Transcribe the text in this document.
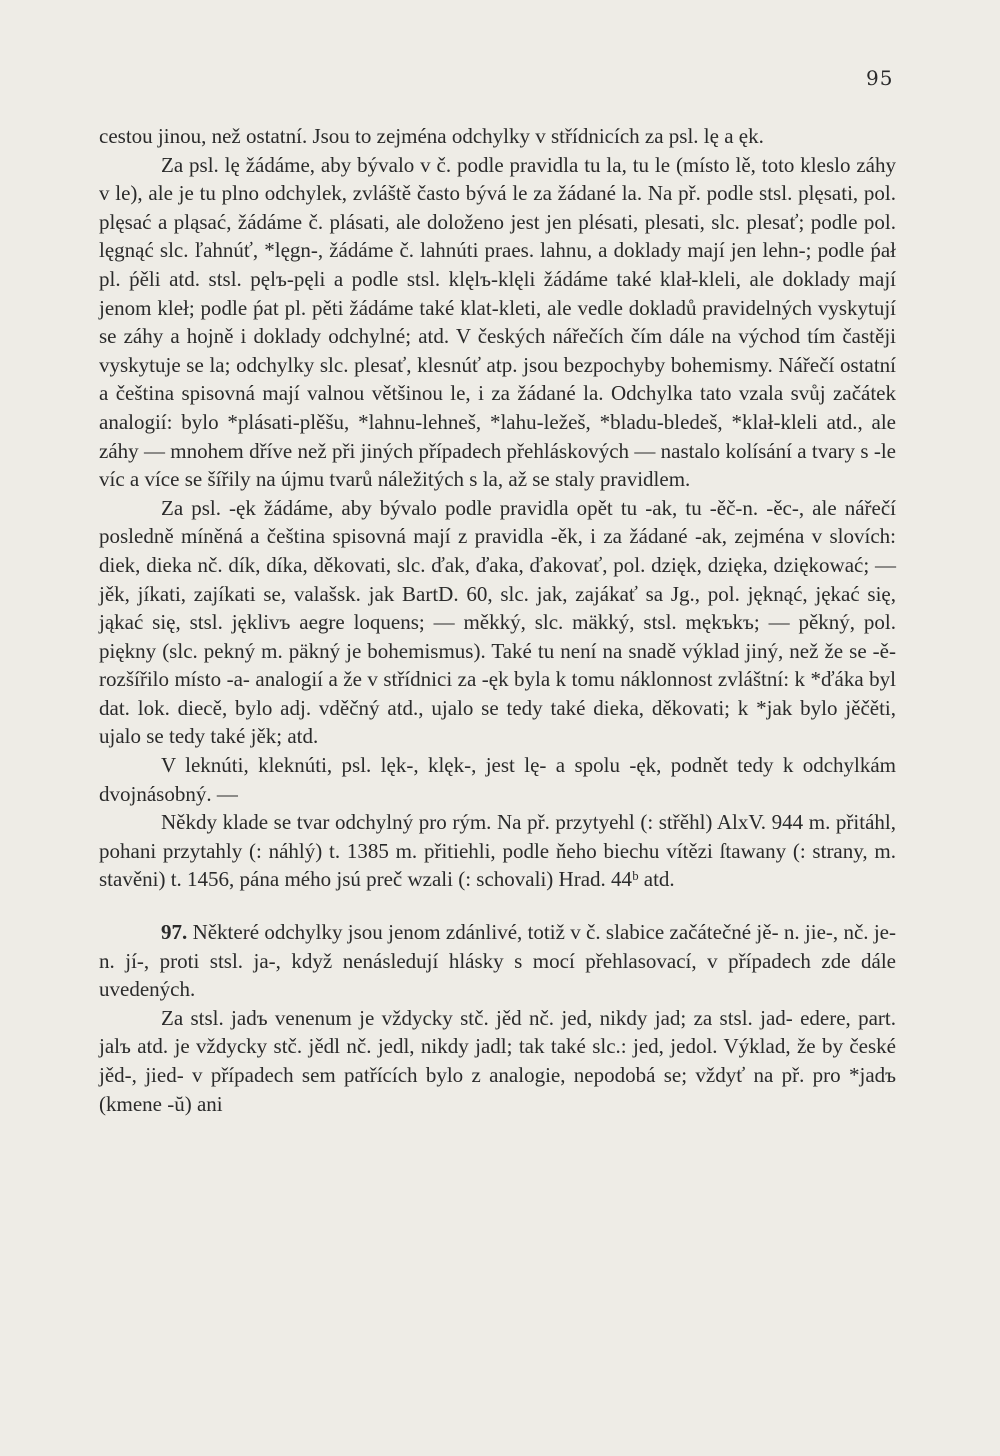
95

cestou jinou, než ostatní. Jsou to zejména odchylky v střídnicích za psl. lę a ęk.

Za psl. lę žádáme, aby bývalo v č. podle pravidla tu la, tu le (místo lě, toto kleslo záhy v le), ale je tu plno odchylek, zvláště často bývá le za žádané la. Na př. podle stsl. plęsati, pol. plęsać a pląsać, žádáme č. plásati, ale doloženo jest jen plésati, plesati, slc. plesať; podle pol. lęgnąć slc. ľahnúť, *lęgn-, žádáme č. lahnúti praes. lahnu, a doklady mají jen lehn-; podle ṕał pl. ṕěli atd. stsl. pęlъ-pęli a podle stsl. klęlъ-klęli žádáme také klał-kleli, ale doklady mají jenom kleł; podle ṕat pl. pěti žádáme také klat-kleti, ale vedle dokladů pravidelných vyskytují se záhy a hojně i doklady odchylné; atd. V českých nářečích čím dále na východ tím častěji vyskytuje se la; odchylky slc. plesať, klesnúť atp. jsou bezpochyby bohemismy. Nářečí ostatní a čeština spisovná mají valnou většinou le, i za žádané la. Odchylka tato vzala svůj začátek analogií: bylo *plásati-plěšu, *lahnu-lehneš, *lahu-ležeš, *bladu-bledeš, *klał-kleli atd., ale záhy — mnohem dříve než při jiných případech přehláskových — nastalo kolísání a tvary s -le víc a více se šířily na újmu tvarů náležitých s la, až se staly pravidlem.

Za psl. -ęk žádáme, aby bývalo podle pravidla opět tu -ak, tu -ěč-n. -ěc-, ale nářečí posledně míněná a čeština spisovná mají z pravidla -ěk, i za žádané -ak, zejména v slovích: diek, dieka nč. dík, díka, děkovati, slc. ďak, ďaka, ďakovať, pol. dzięk, dzięka, dziękować; — jěk, jíkati, zajíkati se, valašsk. jak BartD. 60, slc. jak, zajákať sa Jg., pol. jęknąć, jękać się, jąkać się, stsl. jęklivъ aegre loquens; — měkký, slc. mäkký, stsl. mękъkъ; — pěkný, pol. piękny (slc. pekný m. päkný je bohemismus). Také tu není na snadě výklad jiný, než že se -ě- rozšířilo místo -a- analogií a že v střídnici za -ęk byla k tomu náklonnost zvláštní: k *ďáka byl dat. lok. diecě, bylo adj. vděčný atd., ujalo se tedy také dieka, děkovati; k *jak bylo jěčěti, ujalo se tedy také jěk; atd.

V leknúti, kleknúti, psl. lęk-, klęk-, jest lę- a spolu -ęk, podnět tedy k odchylkám dvojnásobný. —

Někdy klade se tvar odchylný pro rým. Na př. przytyehl (: střěhl) AlxV. 944 m. přitáhl, pohani przytahly (: náhlý) t. 1385 m. přitiehli, podle ňeho biechu vítězi ſtawany (: strany, m. stavěni) t. 1456, pána mého jsú preč wzali (: schovali) Hrad. 44ᵇ atd.

97. Některé odchylky jsou jenom zdánlivé, totiž v č. slabice začátečné jě- n. jie-, nč. je- n. jí-, proti stsl. ja-, když nenásledují hlásky s mocí přehlasovací, v případech zde dále uvedených.

Za stsl. jadъ venenum je vždycky stč. jěd nč. jed, nikdy jad; za stsl. jad- edere, part. jalъ atd. je vždycky stč. jědl nč. jedl, nikdy jadl; tak také slc.: jed, jedol. Výklad, že by české jěd-, jied- v případech sem patřících bylo z analogie, nepodobá se; vždyť na př. pro *jadъ (kmene -ŭ) ani
